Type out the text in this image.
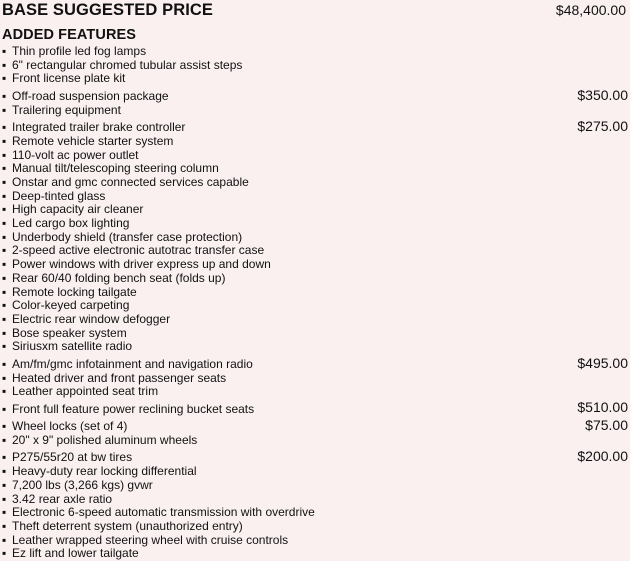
BASE SUGGESTED PRICE	$48,400.00
ADDED FEATURES
▪ Thin profile led fog lamps
▪ 6" rectangular chromed tubular assist steps
▪ Front license plate kit
▪ Off-road suspension package	$350.00
▪ Trailering equipment
▪ Integrated trailer brake controller	$275.00
▪ Remote vehicle starter system
▪ 110-volt ac power outlet
▪ Manual tilt/telescoping steering column
▪ Onstar and gmc connected services capable
▪ Deep-tinted glass
▪ High capacity air cleaner
▪ Led cargo box lighting
▪ Underbody shield (transfer case protection)
▪ 2-speed active electronic autotrac transfer case
▪ Power windows with driver express up and down
▪ Rear 60/40 folding bench seat (folds up)
▪ Remote locking tailgate
▪ Color-keyed carpeting
▪ Electric rear window defogger
▪ Bose speaker system
▪ Siriusxm satellite radio
▪ Am/fm/gmc infotainment and navigation radio	$495.00
▪ Heated driver and front passenger seats
▪ Leather appointed seat trim
▪ Front full feature power reclining bucket seats	$510.00
▪ Wheel locks (set of 4)	$75.00
▪ 20" x 9" polished aluminum wheels
▪ P275/55r20 at bw tires	$200.00
▪ Heavy-duty rear locking differential
▪ 7,200 lbs (3,266 kgs) gvwr
▪ 3.42 rear axle ratio
▪ Electronic 6-speed automatic transmission with overdrive
▪ Theft deterrent system (unauthorized entry)
▪ Leather wrapped steering wheel with cruise controls
▪ Ez lift and lower tailgate
